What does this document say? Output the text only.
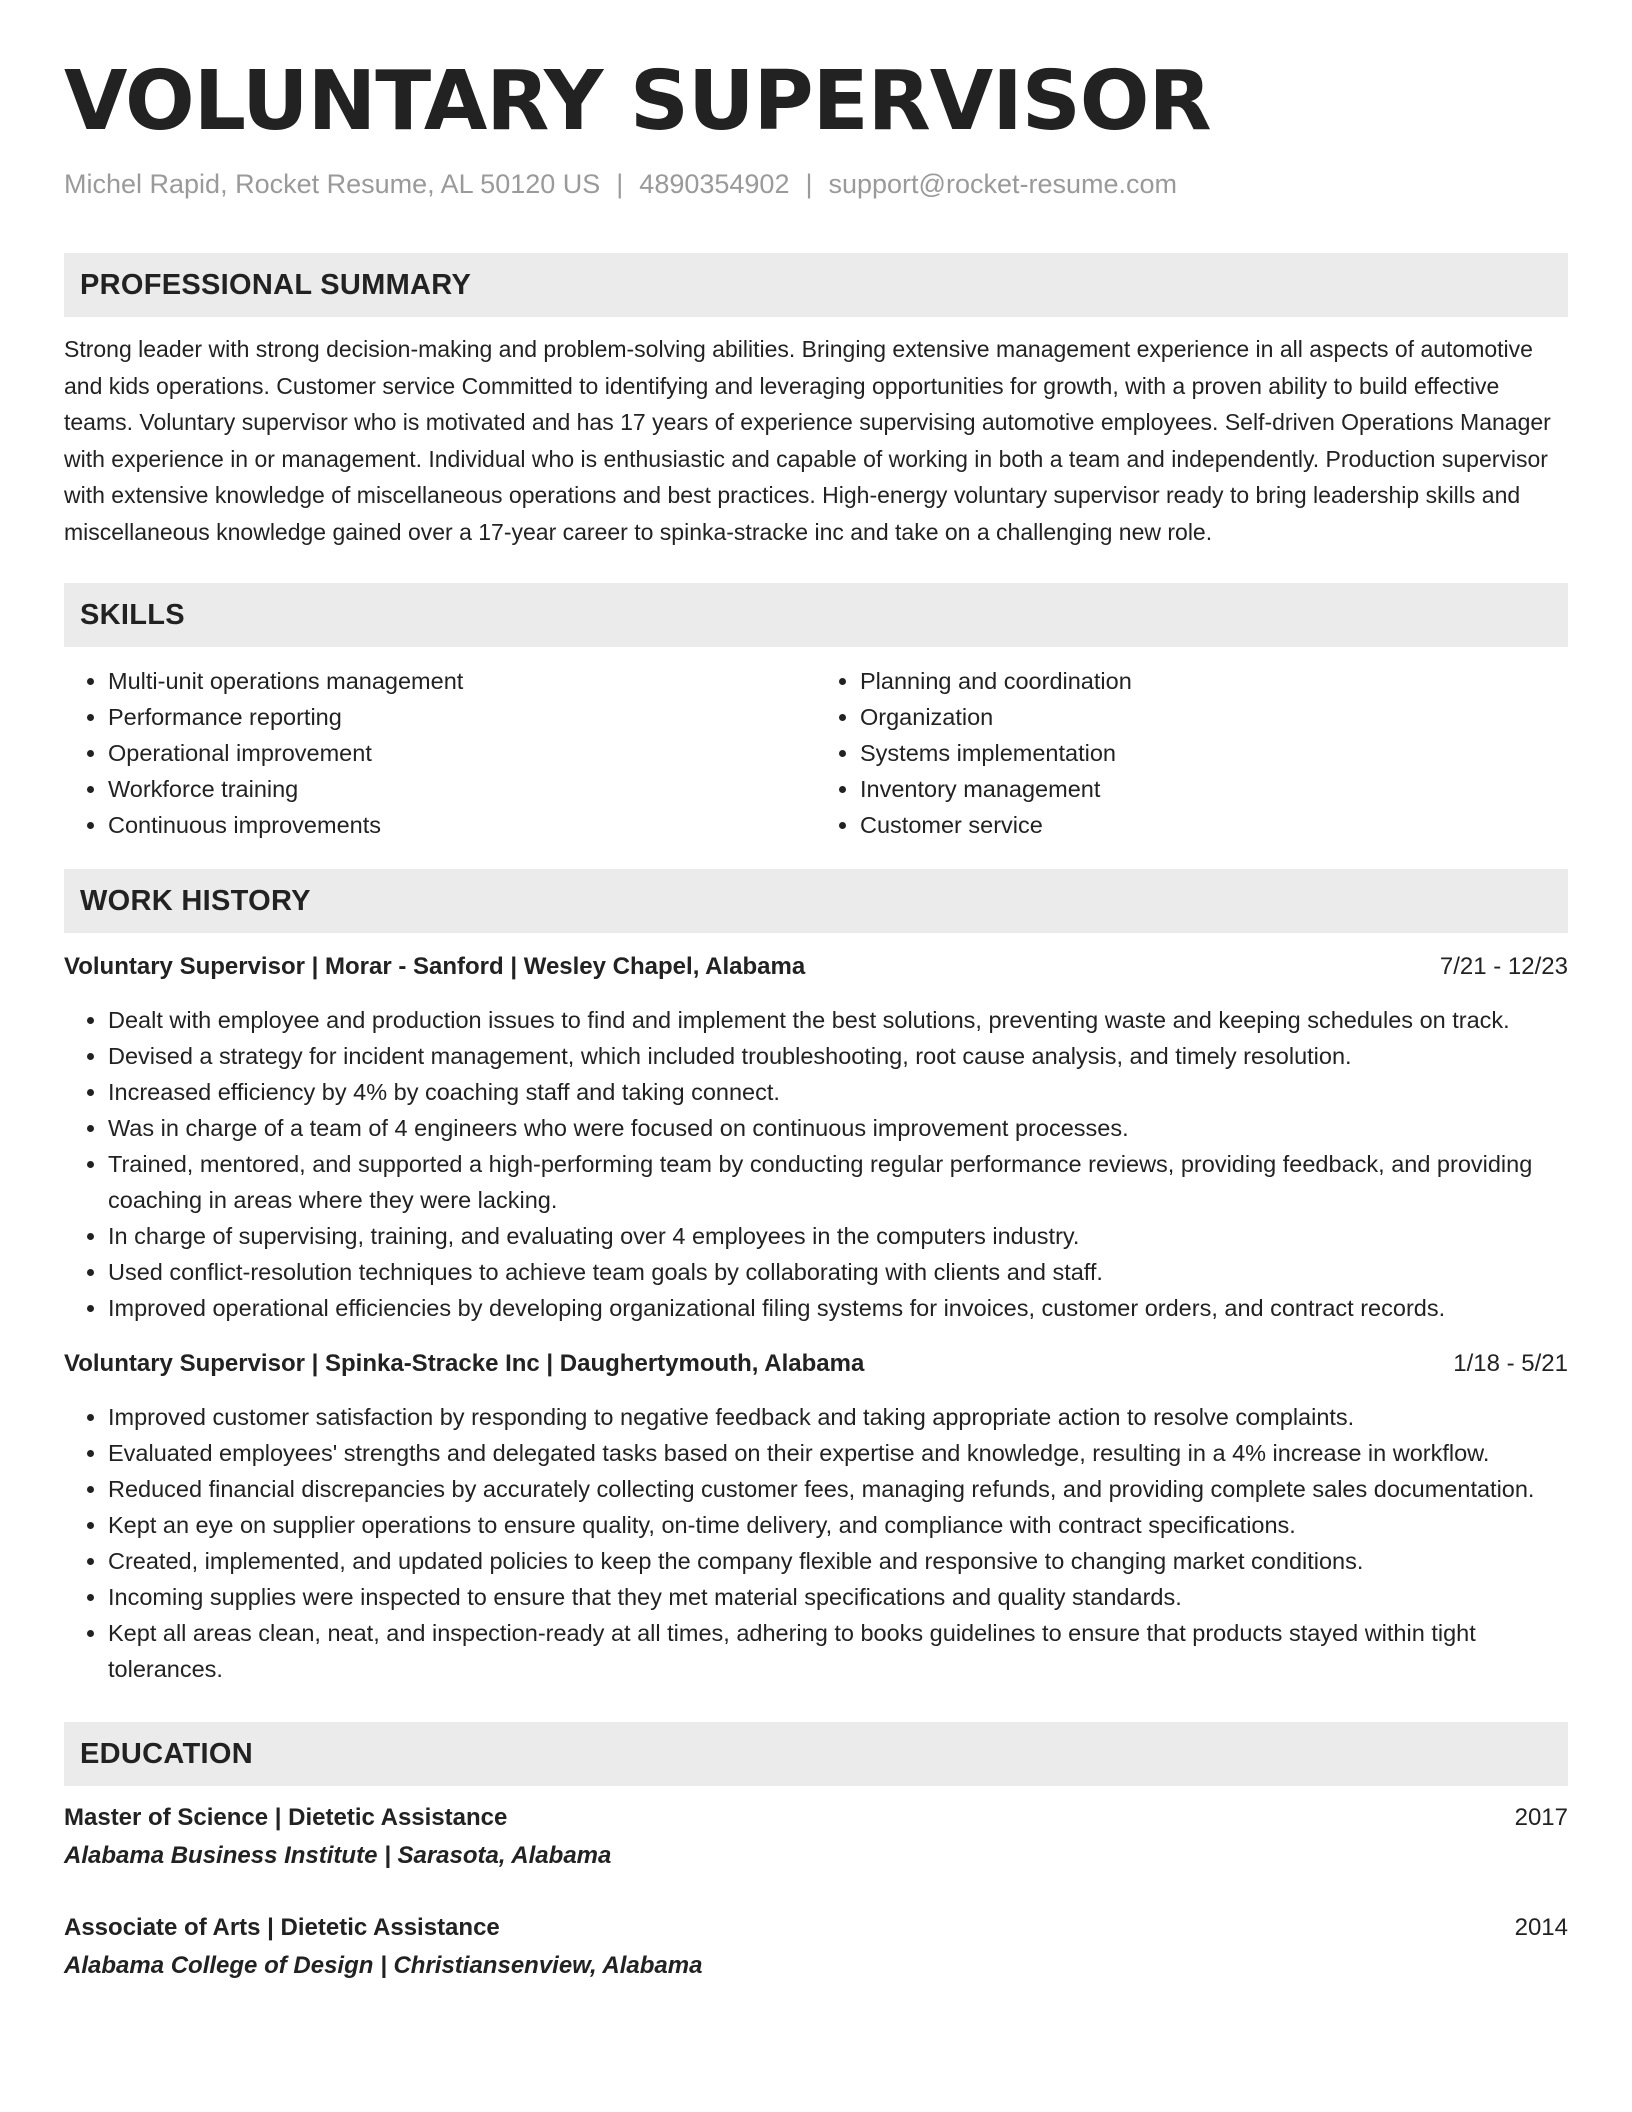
VOLUNTARY SUPERVISOR
Michel Rapid, Rocket Resume, AL 50120 US | 4890354902 | support@rocket-resume.com
PROFESSIONAL SUMMARY

Strong leader with strong decision-making and problem-solving abilities. Bringing extensive management experience in all aspects of automotive and kids operations. Customer service Committed to identifying and leveraging opportunities for growth, with a proven ability to build effective teams. Voluntary supervisor who is motivated and has 17 years of experience supervising automotive employees. Self-driven Operations Manager with experience in or management. Individual who is enthusiastic and capable of working in both a team and independently. Production supervisor with extensive knowledge of miscellaneous operations and best practices. High-energy voluntary supervisor ready to bring leadership skills and miscellaneous knowledge gained over a 17-year career to spinka-stracke inc and take on a challenging new role.

SKILLS
• Multi-unit operations management
• Performance reporting
• Operational improvement
• Workforce training
• Continuous improvements
• Planning and coordination
• Organization
• Systems implementation
• Inventory management
• Customer service
WORK HISTORY
Voluntary Supervisor | Morar - Sanford | Wesley Chapel, Alabama	7/21 - 12/23
• Dealt with employee and production issues to find and implement the best solutions, preventing waste and keeping schedules on track.
• Devised a strategy for incident management, which included troubleshooting, root cause analysis, and timely resolution.
• Increased efficiency by 4% by coaching staff and taking connect.
• Was in charge of a team of 4 engineers who were focused on continuous improvement processes.
• Trained, mentored, and supported a high-performing team by conducting regular performance reviews, providing feedback, and providing coaching in areas where they were lacking.
• In charge of supervising, training, and evaluating over 4 employees in the computers industry.
• Used conflict-resolution techniques to achieve team goals by collaborating with clients and staff.
• Improved operational efficiencies by developing organizational filing systems for invoices, customer orders, and contract records.
Voluntary Supervisor | Spinka-Stracke Inc | Daughertymouth, Alabama	1/18 - 5/21
• Improved customer satisfaction by responding to negative feedback and taking appropriate action to resolve complaints.
• Evaluated employees' strengths and delegated tasks based on their expertise and knowledge, resulting in a 4% increase in workflow.
• Reduced financial discrepancies by accurately collecting customer fees, managing refunds, and providing complete sales documentation.
• Kept an eye on supplier operations to ensure quality, on-time delivery, and compliance with contract specifications.
• Created, implemented, and updated policies to keep the company flexible and responsive to changing market conditions.
• Incoming supplies were inspected to ensure that they met material specifications and quality standards.
• Kept all areas clean, neat, and inspection-ready at all times, adhering to books guidelines to ensure that products stayed within tight tolerances.
EDUCATION
Master of Science | Dietetic Assistance	2017
Alabama Business Institute | Sarasota, Alabama
Associate of Arts | Dietetic Assistance	2014
Alabama College of Design | Christiansenview, Alabama
